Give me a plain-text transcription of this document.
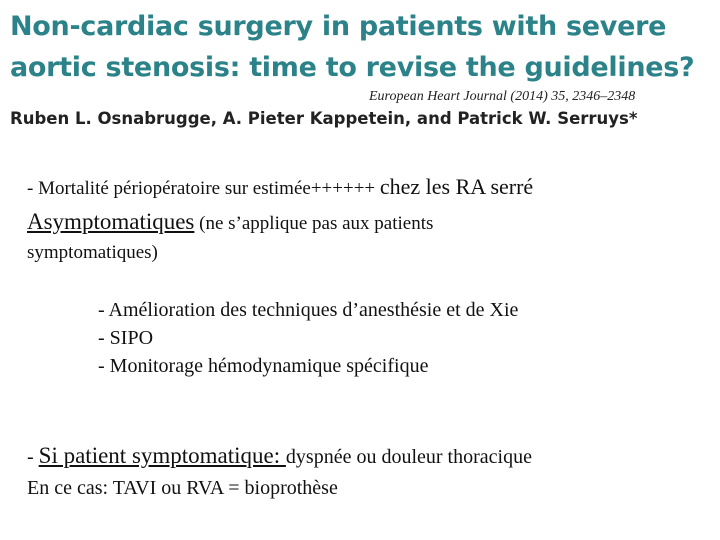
Non-cardiac surgery in patients with severe
aortic stenosis: time to revise the guidelines?
European Heart Journal (2014) 35, 2346–2348
Ruben L. Osnabrugge, A. Pieter Kappetein, and Patrick W. Serruys*
- Mortalité périopératoire sur estimée++++++ chez les RA serré
Asymptomatiques (ne s’applique pas aux patients
symptomatiques)
- Amélioration des techniques d’anesthésie et de Xie
- SIPO
- Monitorage hémodynamique spécifique
- Si patient symptomatique: dyspnée ou douleur thoracique
En ce cas: TAVI ou RVA = bioprothèse
